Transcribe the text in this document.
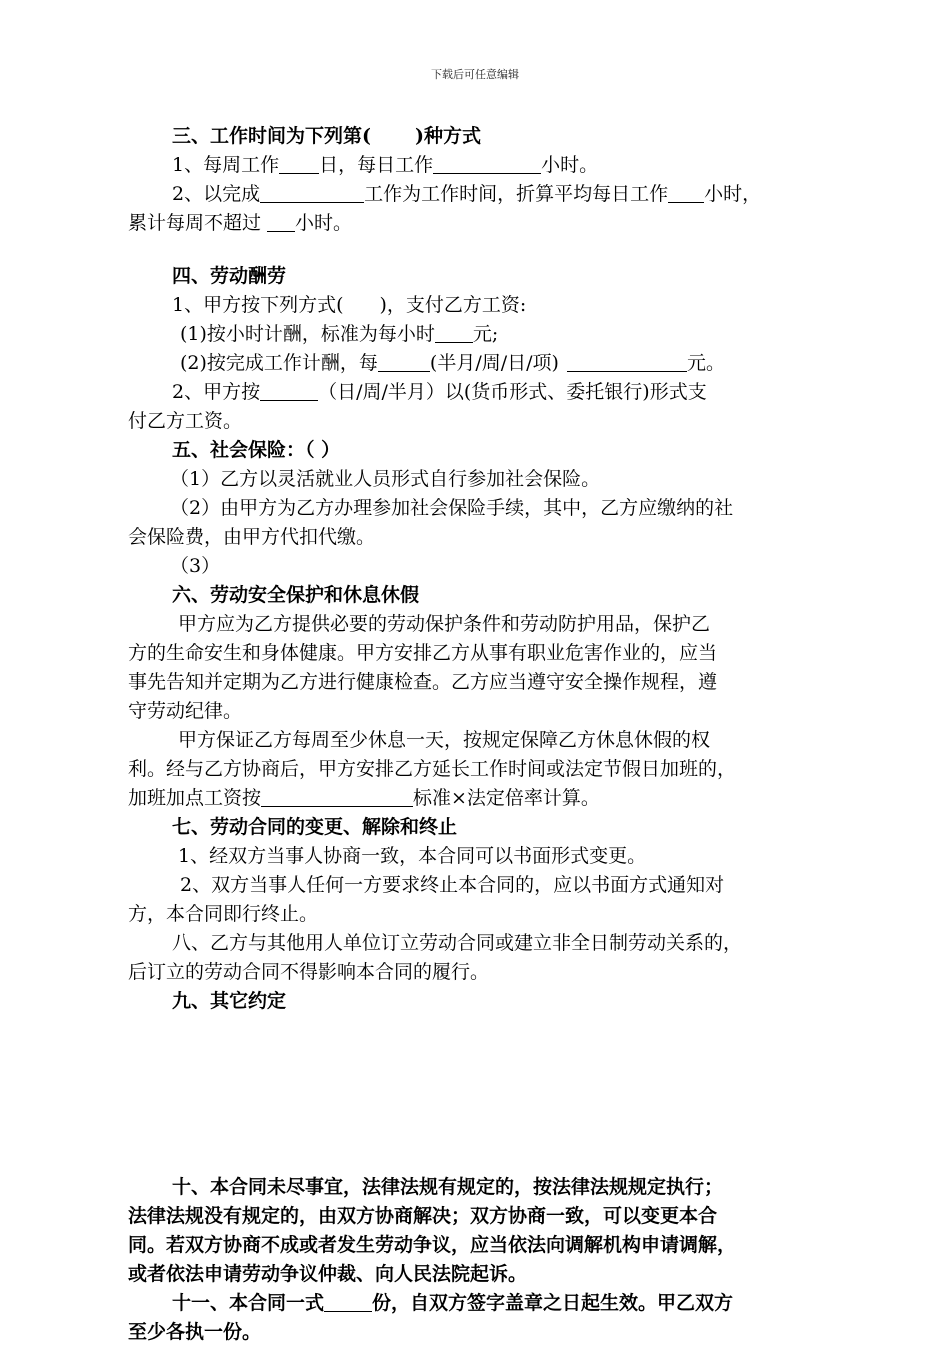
下载后可任意编辑

三、工作时间为下列第( )种方式

1、每周工作 日，每日工作	小时。

2、以完成	工作为工作时间，折算平均每日工作 小时，

累计每周不超过 小时。

四、劳动酬劳

1、甲方按下列方式( )，支付乙方工资:

(1)按小时计酬，标准为每小时 元;

(2)按完成工作计酬，每	(半月/周/日/项)	元。

2、甲方按	（日/周/半月）以(货币形式、委托银行)形式支

付乙方工资。

五、社会保险：（ ）

（1）乙方以灵活就业人员形式自行参加社会保险。

（2）由甲方为乙方办理参加社会保险手续，其中，乙方应缴纳的社

会保险费，由甲方代扣代缴。

（3）

六、劳动安全保护和休息休假

甲方应为乙方提供必要的劳动保护条件和劳动防护用品，保护乙

方的生命安生和身体健康。甲方安排乙方从事有职业危害作业的，应当

事先告知并定期为乙方进行健康检查。乙方应当遵守安全操作规程，遵

守劳动纪律。

甲方保证乙方每周至少休息一天，按规定保障乙方休息休假的权

利。经与乙方协商后，甲方安排乙方延长工作时间或法定节假日加班的，

加班加点工资按	标准×法定倍率计算。

七、劳动合同的变更、解除和终止

1、经双方当事人协商一致，本合同可以书面形式变更。

2、双方当事人任何一方要求终止本合同的，应以书面方式通知对

方，本合同即行终止。

八、乙方与其他用人单位订立劳动合同或建立非全日制劳动关系的，

后订立的劳动合同不得影响本合同的履行。

九、其它约定

十、本合同未尽事宜，法律法规有规定的，按法律法规规定执行；

法律法规没有规定的，由双方协商解决；双方协商一致，可以变更本合

同。若双方协商不成或者发生劳动争议，应当依法向调解机构申请调解，

或者依法申请劳动争议仲裁、向人民法院起诉。

十一、本合同一式	份，自双方签字盖章之日起生效。甲乙双方

至少各执一份。
